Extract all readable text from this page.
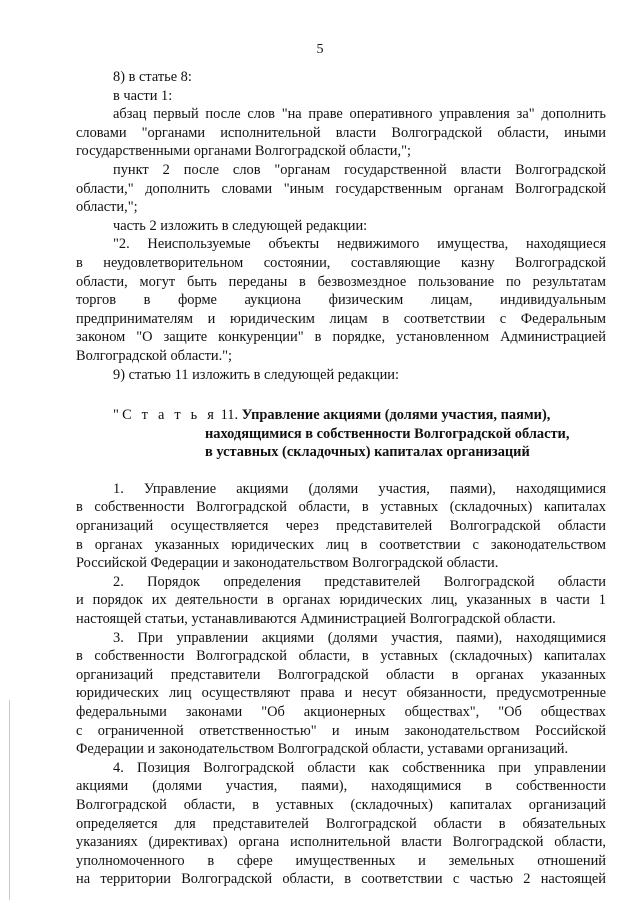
5

8) в статье 8:

в части 1:

абзац первый после слов "на праве оперативного управления за" дополнить

словами "органами исполнительной власти Волгоградской области, иными

государственными органами Волгоградской области,";

пункт 2 после слов "органам государственной власти Волгоградской

области," дополнить словами "иным государственным органам Волгоградской

области,";

часть 2 изложить в следующей редакции:

"2. Неиспользуемые объекты недвижимого имущества, находящиеся

в неудовлетворительном состоянии, составляющие казну Волгоградской

области, могут быть переданы в безвозмездное пользование по результатам

торгов в форме аукциона физическим лицам, индивидуальным

предпринимателям и юридическим лицам в соответствии с Федеральным

законом "О защите конкуренции" в порядке, установленном Администрацией

Волгоградской области.";

9) статью 11 изложить в следующей редакции:

"С т а т ь я 11. Управление акциями (долями участия, паями),

находящимися в собственности Волгоградской области,

в уставных (складочных) капиталах организаций

1. Управление акциями (долями участия, паями), находящимися

в собственности Волгоградской области, в уставных (складочных) капиталах

организаций осуществляется через представителей Волгоградской области

в органах указанных юридических лиц в соответствии с законодательством

Российской Федерации и законодательством Волгоградской области.

2. Порядок определения представителей Волгоградской области

и порядок их деятельности в органах юридических лиц, указанных в части 1

настоящей статьи, устанавливаются Администрацией Волгоградской области.

3. При управлении акциями (долями участия, паями), находящимися

в собственности Волгоградской области, в уставных (складочных) капиталах

организаций представители Волгоградской области в органах указанных

юридических лиц осуществляют права и несут обязанности, предусмотренные

федеральными законами "Об акционерных обществах", "Об обществах

с ограниченной ответственностью" и иным законодательством Российской

Федерации и законодательством Волгоградской области, уставами организаций.

4. Позиция Волгоградской области как собственника при управлении

акциями (долями участия, паями), находящимися в собственности

Волгоградской области, в уставных (складочных) капиталах организаций

определяется для представителей Волгоградской области в обязательных

указаниях (директивах) органа исполнительной власти Волгоградской области,

уполномоченного в сфере имущественных и земельных отношений

на территории Волгоградской области, в соответствии с частью 2 настоящей
